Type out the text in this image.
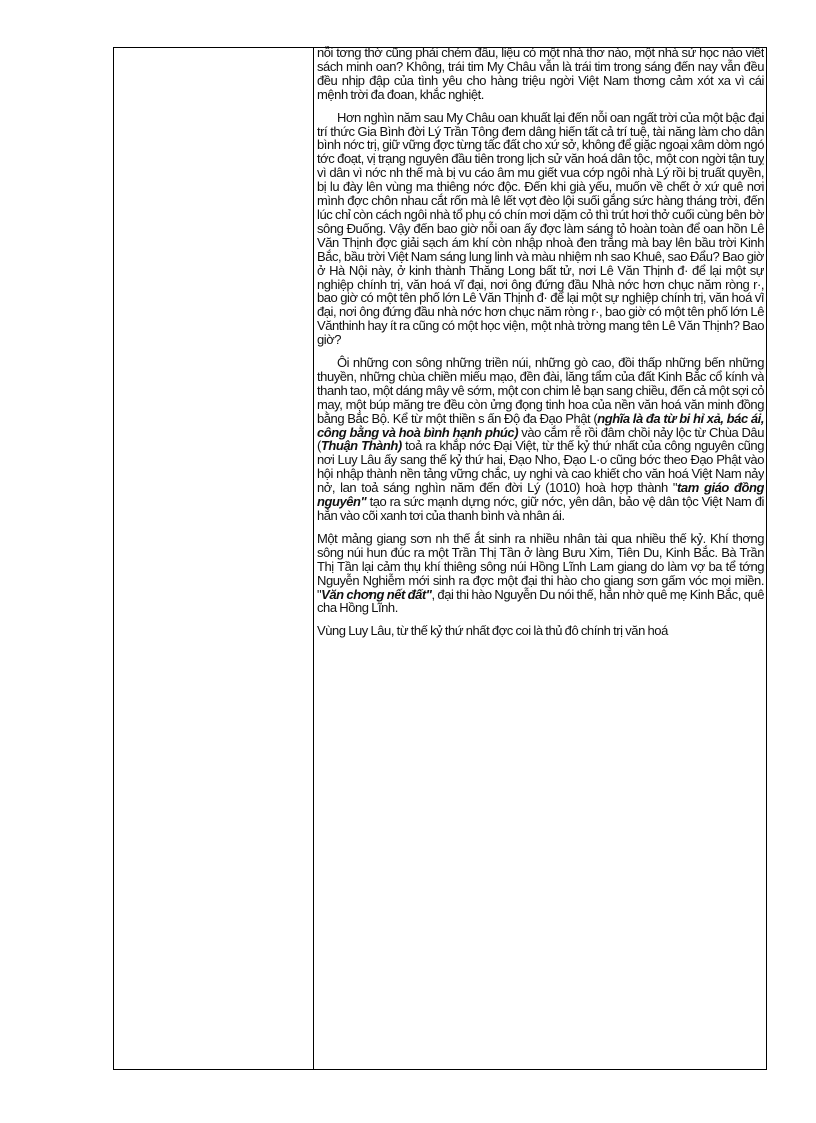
nỗi tơng thờ cũng phải chém đầu, liệu có một nhà thơ nào, một nhà sử học nào viết sách minh oan? Không, trái tim My Châu vẫn là trái tim trong sáng đến nay vẫn đều đều nhịp đập của tình yêu cho hàng triệu ngời Việt Nam thơng cảm xót xa vì cái mệnh trời đa đoan, khắc nghiệt.

Hơn nghìn năm sau My Châu oan khuất lại đến nỗi oan ngất trời của một bậc đại trí thức Gia Bình đời Lý Trần Tông đem dâng hiến tất cả trí tuệ, tài năng làm cho dân bình nớc trị, giữ vững đợc từng tấc đất cho xứ sở, không để giặc ngoại xâm dòm ngó tớc đoạt, vị trạng nguyên đầu tiên trong lịch sử văn hoá dân tộc, một con ngời tận tuỵ vì dân vì nớc nh thế mà bị vu cáo âm mu giết vua cớp ngôi nhà Lý rồi bị truất quyền, bị lu đày lên vùng ma thiêng nớc độc. Đến khi già yếu, muốn về chết ở xứ quê nơi mình đợc chôn nhau cắt rốn mà lê lết vợt đèo lội suối gắng sức hàng tháng trời, đến lúc chỉ còn cách ngôi nhà tổ phụ có chín mơi dặm cỏ thì trút hơi thở cuối cùng bên bờ sông Đuống. Vậy đến bao giờ nỗi oan ấy đợc làm sáng tỏ hoàn toàn để oan hồn Lê Văn Thịnh đợc giải sạch ám khí còn nhập nhoà đen trắng mà bay lên bầu trời Kinh Bắc, bầu trời Việt Nam sáng lung linh và màu nhiệm nh sao Khuê, sao Đẩu? Bao giờ ở Hà Nội này, ở kinh thành Thăng Long bất tử, nơi Lê Văn Thịnh đ· để lại một sự nghiệp chính trị, văn hoá vĩ đại, nơi ông đứng đầu Nhà nớc hơn chục năm ròng r·, bao giờ có một tên phố lớn Lê Văn Thịnh đ· để lại một sự nghiệp chính trị, văn hoá vĩ đại, nơi ông đứng đầu nhà nớc hơn chục năm ròng r·, bao giờ có một tên phố lớn Lê Vănthinh hay ít ra cũng có một học viện, một nhà trờng mang tên Lê Văn Thịnh? Bao giờ?

Ôi những con sông những triền núi, những gò cao, đồi thấp những bến những thuyền, những chùa chiền miếu mạo, đền đài, lăng tẩm của đất Kinh Bắc cổ kính và thanh tao, một dáng mây vê sớm, một con chim lẻ bạn sang chiều, đến cả một sợi cỏ may, một búp măng tre đều còn ửng đọng tinh hoa của nền văn hoá văn minh đồng bằng Bắc Bộ. Kể từ một thiền s ấn Độ đa Đạo Phật (nghĩa là đa từ bi hỉ xả, bác ái, công bằng và hoà bình hạnh phúc) vào cắm rễ rồi đâm chồi nảy lộc từ Chùa Dâu (Thuận Thành) toả ra khắp nớc Đại Việt, từ thế kỷ thứ nhất của công nguyên cũng nơi Luy Lâu ấy sang thế kỷ thứ hai, Đạo Nho, Đạo L·o cũng bớc theo Đạo Phật vào hội nhập thành nền tảng vững chắc, uy nghi và cao khiết cho văn hoá Việt Nam nảy nở, lan toả sáng nghìn năm đến đời Lý (1010) hoà hợp thành "tam giáo đồng nguyên" tạo ra sức mạnh dựng nớc, giữ nớc, yên dân, bảo vệ dân tộc Việt Nam đi hẳn vào cõi xanh tơi của thanh bình và nhân ái.

Một mảng giang sơn nh thế ắt sinh ra nhiều nhân tài qua nhiều thế kỷ. Khí thơng sông núi hun đúc ra một Trần Thị Tần ở làng Bưu Xim, Tiên Du, Kinh Bắc. Bà Trần Thị Tần lại cảm thụ khí thiêng sông núi Hồng Lĩnh Lam giang do làm vợ ba tể tớng Nguyễn Nghiễm mới sinh ra đợc một đại thi hào cho giang sơn gấm vóc mọi miền. "Văn chơng nết đất", đại thi hào Nguyễn Du nói thế, hẳn nhờ quê mẹ Kinh Bắc, quê cha Hồng Lĩnh.

Vùng Luy Lâu, từ thế kỷ thứ nhất đợc coi là thủ đô chính trị văn hoá
